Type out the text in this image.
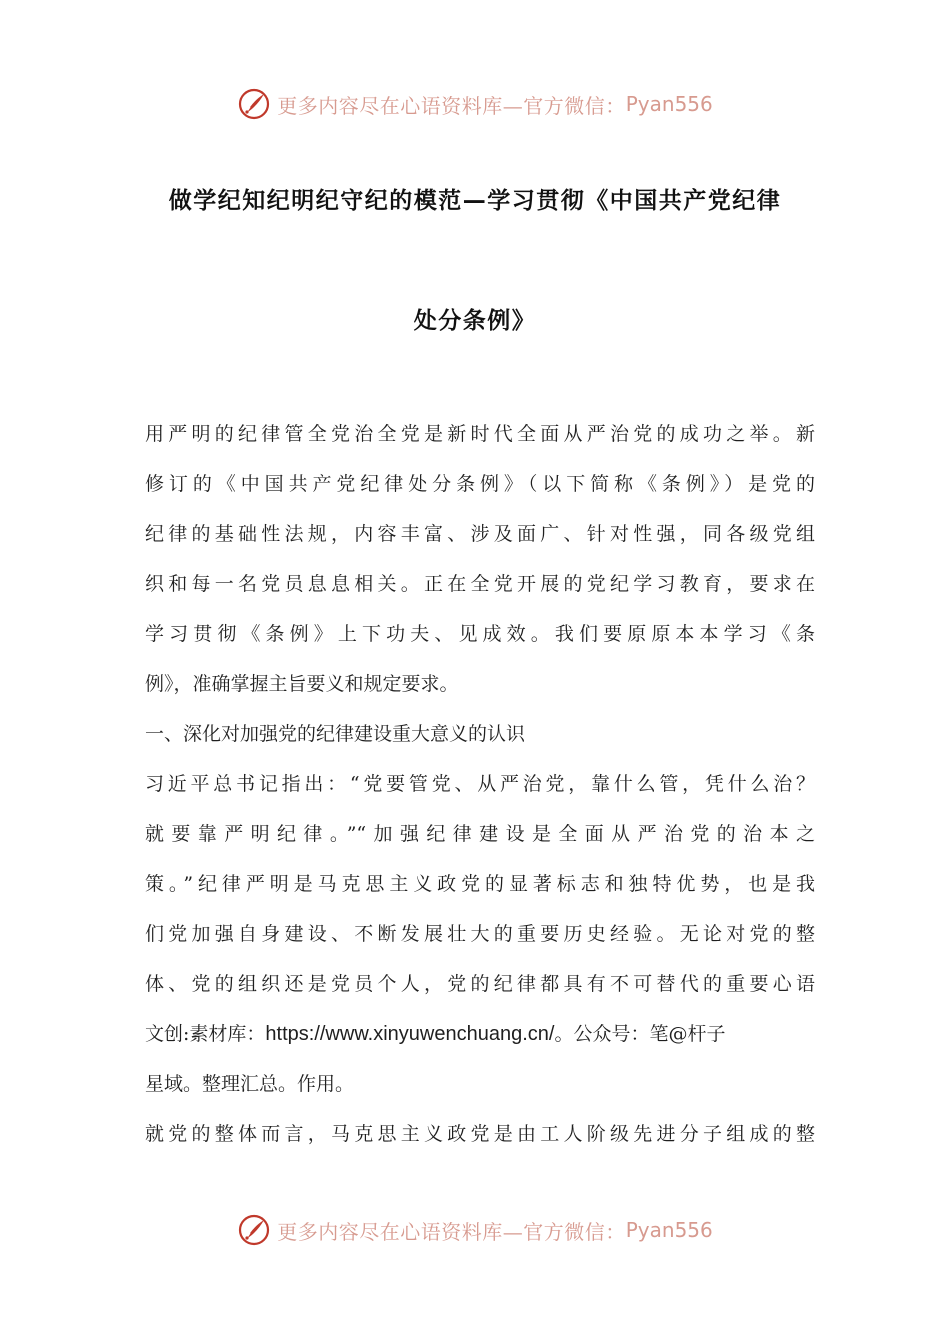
更多内容尽在心语资料库—官方微信： Pyan556
做学纪知纪明纪守纪的模范—学习贯彻《中国共产党纪律
处分条例》
用严明的纪律管全党治全党是新时代全面从严治党的成功之举。新
修订的《中国共产党纪律处分条例》（以下简称《条例》）是党的
纪律的基础性法规，内容丰富、涉及面广、针对性强，同各级党组
织和每一名党员息息相关。正在全党开展的党纪学习教育，要求在
学习贯彻《条例》上下功夫、见成效。我们要原原本本学习《条
例》，准确掌握主旨要义和规定要求。
一、深化对加强党的纪律建设重大意义的认识
习近平总书记指出：“党要管党、从严治党，靠什么管，凭什么治？
就要靠严明纪律。”“加强纪律建设是全面从严治党的治本之
策。”纪律严明是马克思主义政党的显著标志和独特优势，也是我
们党加强自身建设、不断发展壮大的重要历史经验。无论对党的整
体、党的组织还是党员个人，党的纪律都具有不可替代的重要心语
文创:素材库：https://www.xinyuwenchuang.cn/。公众号：笔@杆子
星域。整理汇总。作用。
就党的整体而言，马克思主义政党是由工人阶级先进分子组成的整
更多内容尽在心语资料库—官方微信： Pyan556
